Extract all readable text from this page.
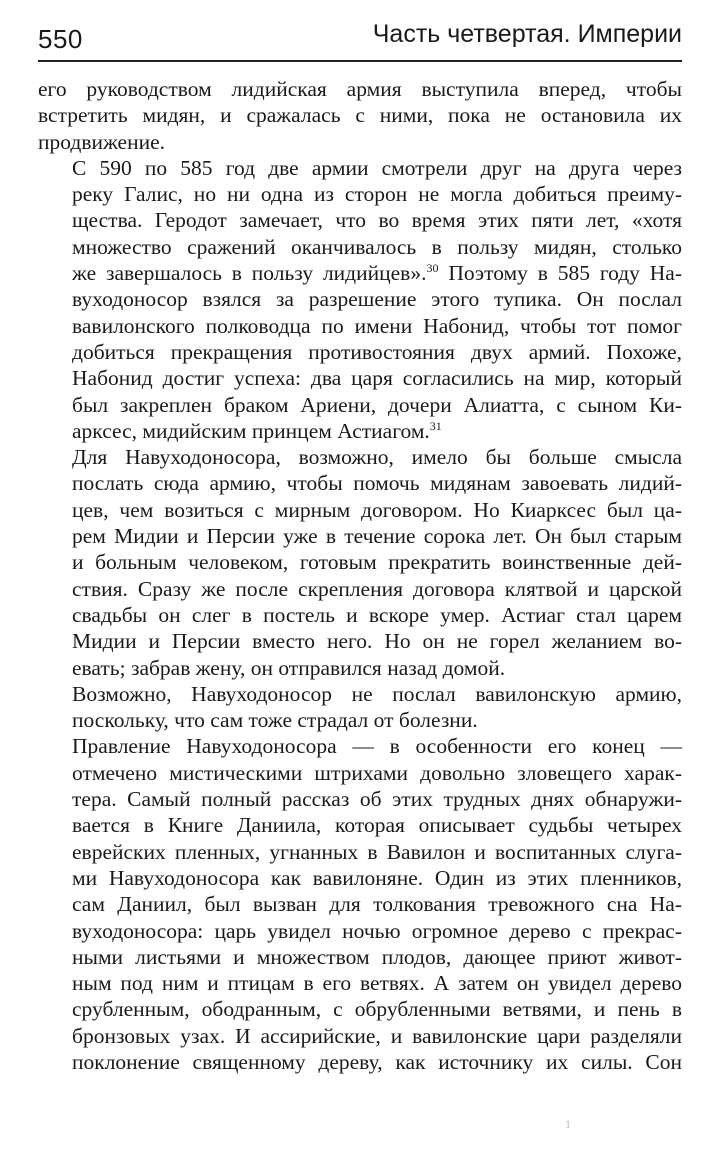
550	Часть четвертая. Империи

его руководством лидийская армия выступила вперед, чтобы
встретить мидян, и сражалась с ними, пока не остановила их
продвижение.

С 590 по 585 год две армии смотрели друг на друга через
реку Галис, но ни одна из сторон не могла добиться преиму-
щества. Геродот замечает, что во время этих пяти лет, «хотя
множество сражений оканчивалось в пользу мидян, столько
же завершалось в пользу лидийцев».$^{30}$ Поэтому в 585 году На-
вуходоносор взялся за разрешение этого тупика. Он послал
вавилонского полководца по имени Набонид, чтобы тот помог
добиться прекращения противостояния двух армий. Похоже,
Набонид достиг успеха: два царя согласились на мир, который
был закреплен браком Ариени, дочери Алиатта, с сыном Ки-
арксес, мидийским принцем Астиагом.$^{31}$

Для Навуходоносора, возможно, имело бы больше смысла
послать сюда армию, чтобы помочь мидянам завоевать лидий-
цев, чем возиться с мирным договором. Но Киарксес был ца-
рем Мидии и Персии уже в течение сорока лет. Он был старым
и больным человеком, готовым прекратить воинственные дей-
ствия. Сразу же после скрепления договора клятвой и царской
свадьбы он слег в постель и вскоре умер. Астиаг стал царем
Мидии и Персии вместо него. Но он не горел желанием во-
евать; забрав жену, он отправился назад домой.

Возможно, Навуходоносор не послал вавилонскую армию,
поскольку, что сам тоже страдал от болезни.

Правление Навуходоносора — в особенности его конец —
отмечено мистическими штрихами довольно зловещего харак-
тера. Самый полный рассказ об этих трудных днях обнаружи-
вается в Книге Даниила, которая описывает судьбы четырех
еврейских пленных, угнанных в Вавилон и воспитанных слуга-
ми Навуходоносора как вавилоняне. Один из этих пленников,
сам Даниил, был вызван для толкования тревожного сна На-
вуходоносора: царь увидел ночью огромное дерево с прекрас-
ными листьями и множеством плодов, дающее приют живот-
ным под ним и птицам в его ветвях. А затем он увидел дерево
срубленным, ободранным, с обрубленными ветвями, и пень в
бронзовых узах. И ассирийские, и вавилонские цари разделяли
поклонение священному дереву, как источнику их силы. Сон

1
